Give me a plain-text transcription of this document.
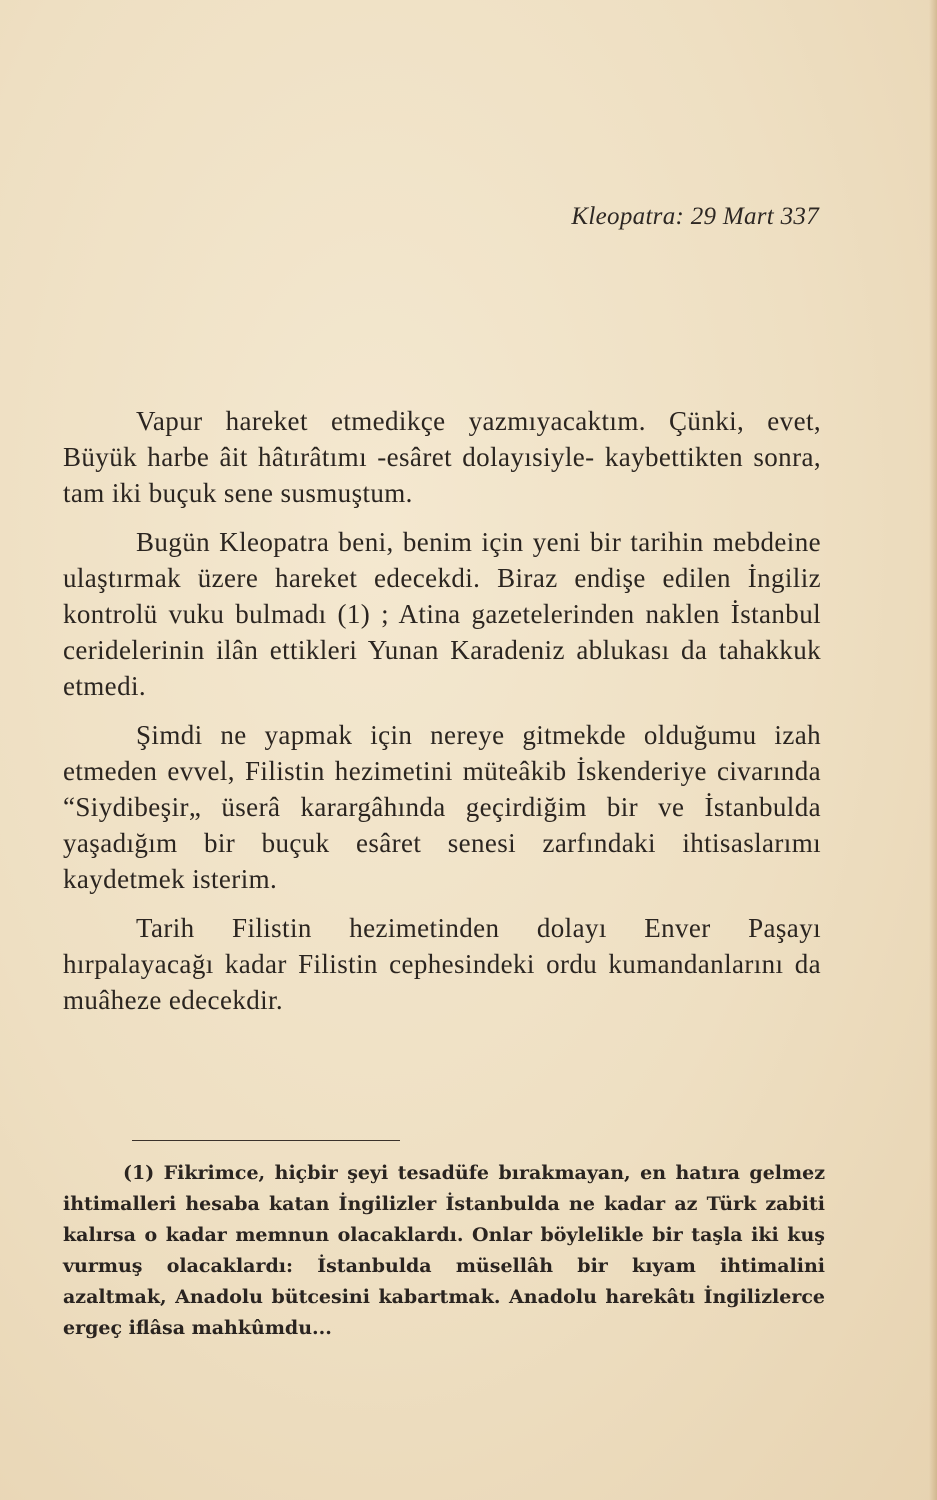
Kleopatra: 29 Mart 337

Vapur hareket etmedikçe yazmıyacaktım. Çünki, evet, Büyük harbe âit hâtırâtımı -esâret dolayısiyle- kaybettikten sonra, tam iki buçuk sene susmuştum.

Bugün Kleopatra beni, benim için yeni bir tarihin mebdeine ulaştırmak üzere hareket edecekdi. Biraz endişe edilen İngiliz kontrolü vuku bulmadı (1) ; Atina gazetelerinden naklen İstanbul ceridelerinin ilân ettikleri Yunan Karadeniz ablukası da tahakkuk etmedi.

Şimdi ne yapmak için nereye gitmekde olduğumu izah etmeden evvel, Filistin hezimetini müteâkib İskenderiye civarında “Siydibeşir„ üserâ karargâhında geçirdiğim bir ve İstanbulda yaşadığım bir buçuk esâret senesi zarfındaki ihtisaslarımı kaydetmek isterim.

Tarih Filistin hezimetinden dolayı Enver Paşayı hırpalayacağı kadar Filistin cephesindeki ordu kumandanlarını da muâheze edecekdir.

(1) Fikrimce, hiçbir şeyi tesadüfe bırakmayan, en hatıra gelmez ihtimalleri hesaba katan İngilizler İstanbulda ne kadar az Türk zabiti kalırsa o kadar memnun olacaklardı. Onlar böylelikle bir taşla iki kuş vurmuş olacaklardı: İstanbulda müsellâh bir kıyam ihtimalini azaltmak, Anadolu bütcesini kabartmak. Anadolu harekâtı İngilizlerce ergeç iflâsa mahkûmdu...
